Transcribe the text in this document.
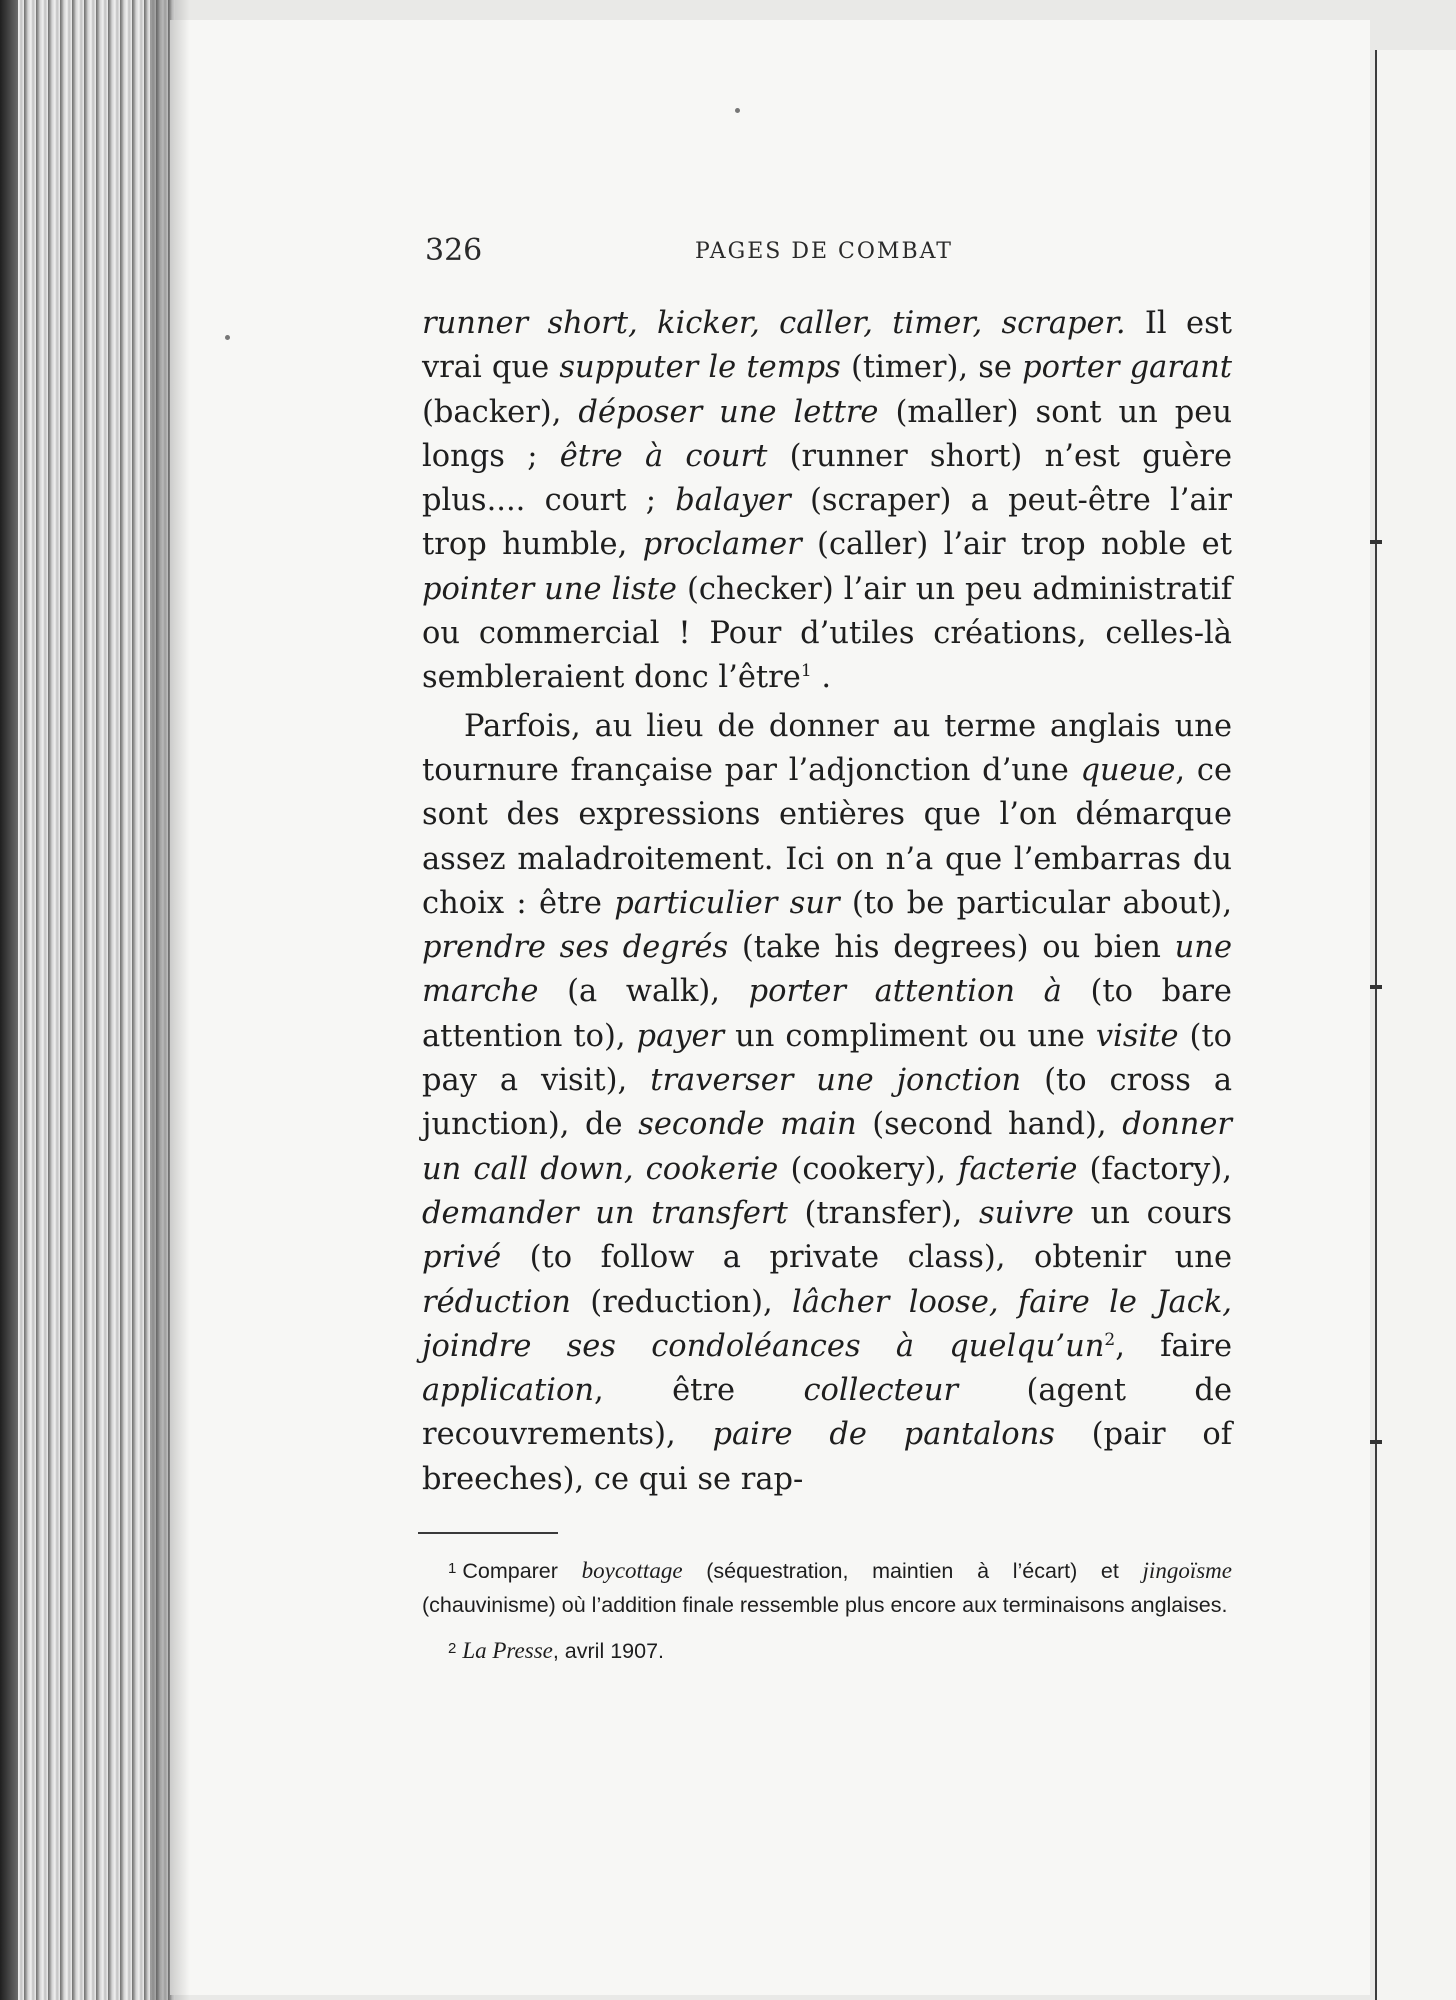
326	PAGES DE COMBAT

runner short, kicker, caller, timer, scraper. Il est vrai que supputer le temps (timer), se porter garant (backer), déposer une lettre (maller) sont un peu longs ; être à court (runner short) n’est guère plus.... court ; balayer (scraper) a peut-être l’air trop humble, proclamer (caller) l’air trop noble et pointer une liste (checker) l’air un peu administratif ou commercial ! Pour d’utiles créations, celles-là sembleraient donc l’être$^1$ .

Parfois, au lieu de donner au terme anglais une tournure française par l’adjonction d’une queue, ce sont des expressions entières que l’on démarque assez maladroitement. Ici on n’a que l’embarras du choix : être particulier sur (to be particular about), prendre ses degrés (take his degrees) ou bien une marche (a walk), porter attention à (to bare attention to), payer un compliment ou une visite (to pay a visit), traverser une jonction (to cross a junction), de seconde main (second hand), donner un call down, cookerie (cookery), facterie (factory), demander un transfert (transfer), suivre un cours privé (to follow a private class), obtenir une réduction (reduction), lâcher loose, faire le Jack, joindre ses condoléances à $quelqu’un^2$, faire application, être collecteur (agent de recouvrements), paire de pantalons (pair of breeches), ce qui se rap-

$^1$ Comparer boycottage (séquestration, maintien à l’écart) et jingoïsme (chauvinisme) où l’addition finale ressemble plus encore aux terminaisons anglaises.

$^2$ La Presse, avril 1907.
